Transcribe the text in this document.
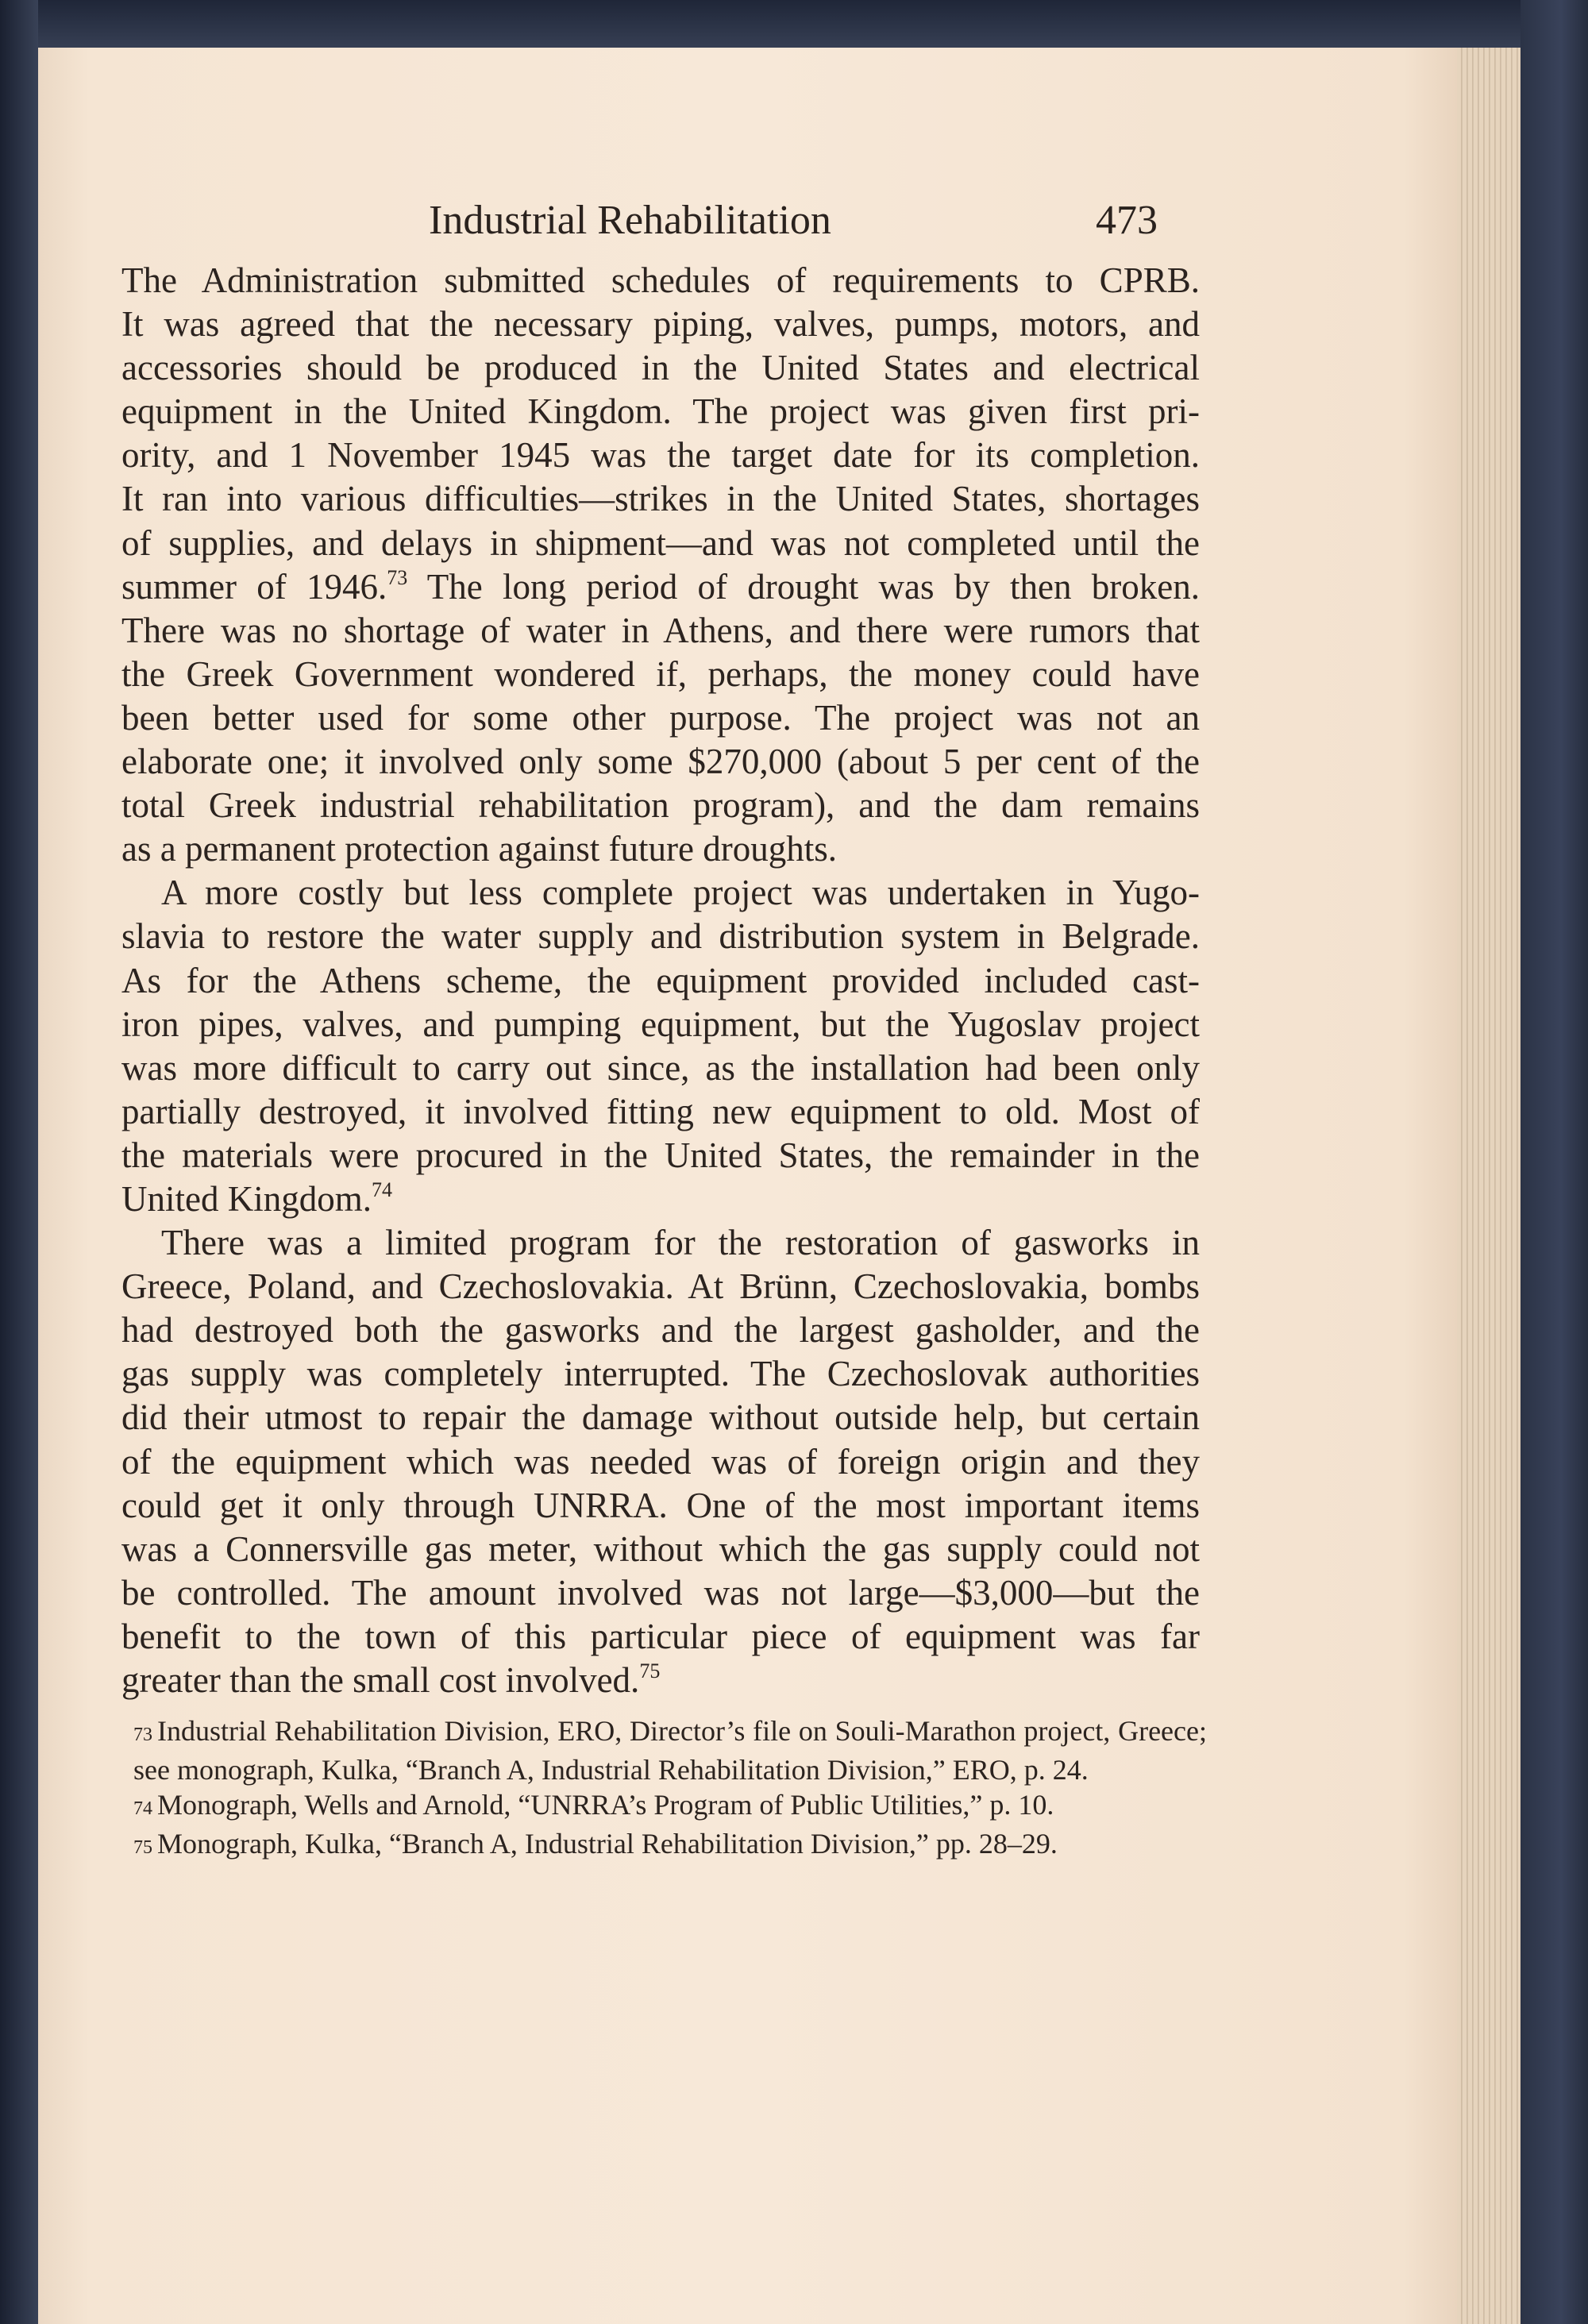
Industrial Rehabilitation	473
The Administration submitted schedules of requirements to CPRB.
It was agreed that the necessary piping, valves, pumps, motors, and
accessories should be produced in the United States and electrical
equipment in the United Kingdom. The project was given first pri-
ority, and 1 November 1945 was the target date for its completion.
It ran into various difficulties—strikes in the United States, shortages
of supplies, and delays in shipment—and was not completed until the
summer of 1946.73 The long period of drought was by then broken.
There was no shortage of water in Athens, and there were rumors that
the Greek Government wondered if, perhaps, the money could have
been better used for some other purpose. The project was not an
elaborate one; it involved only some $270,000 (about 5 per cent of the
total Greek industrial rehabilitation program), and the dam remains
as a permanent protection against future droughts.
A more costly but less complete project was undertaken in Yugo-
slavia to restore the water supply and distribution system in Belgrade.
As for the Athens scheme, the equipment provided included cast-
iron pipes, valves, and pumping equipment, but the Yugoslav project
was more difficult to carry out since, as the installation had been only
partially destroyed, it involved fitting new equipment to old. Most of
the materials were procured in the United States, the remainder in the
United Kingdom.$^{74}$
There was a limited program for the restoration of gasworks in
Greece, Poland, and Czechoslovakia. At Brünn, Czechoslovakia, bombs
had destroyed both the gasworks and the largest gasholder, and the
gas supply was completely interrupted. The Czechoslovak authorities
did their utmost to repair the damage without outside help, but certain
of the equipment which was needed was of foreign origin and they
could get it only through UNRRA. One of the most important items
was a Connersville gas meter, without which the gas supply could not
be controlled. The amount involved was not large—$3,000—but the
benefit to the town of this particular piece of equipment was far
greater than the small cost involved.$^{75}$
73 Industrial Rehabilitation Division, ERO, Director’s file on Souli-Marathon project, Greece; see monograph, Kulka, “Branch A, Industrial Rehabilitation Division,” ERO, p. 24.
74 Monograph, Wells and Arnold, “UNRRA’s Program of Public Utilities,” p. 10.
75 Monograph, Kulka, “Branch A, Industrial Rehabilitation Division,” pp. 28–29.
